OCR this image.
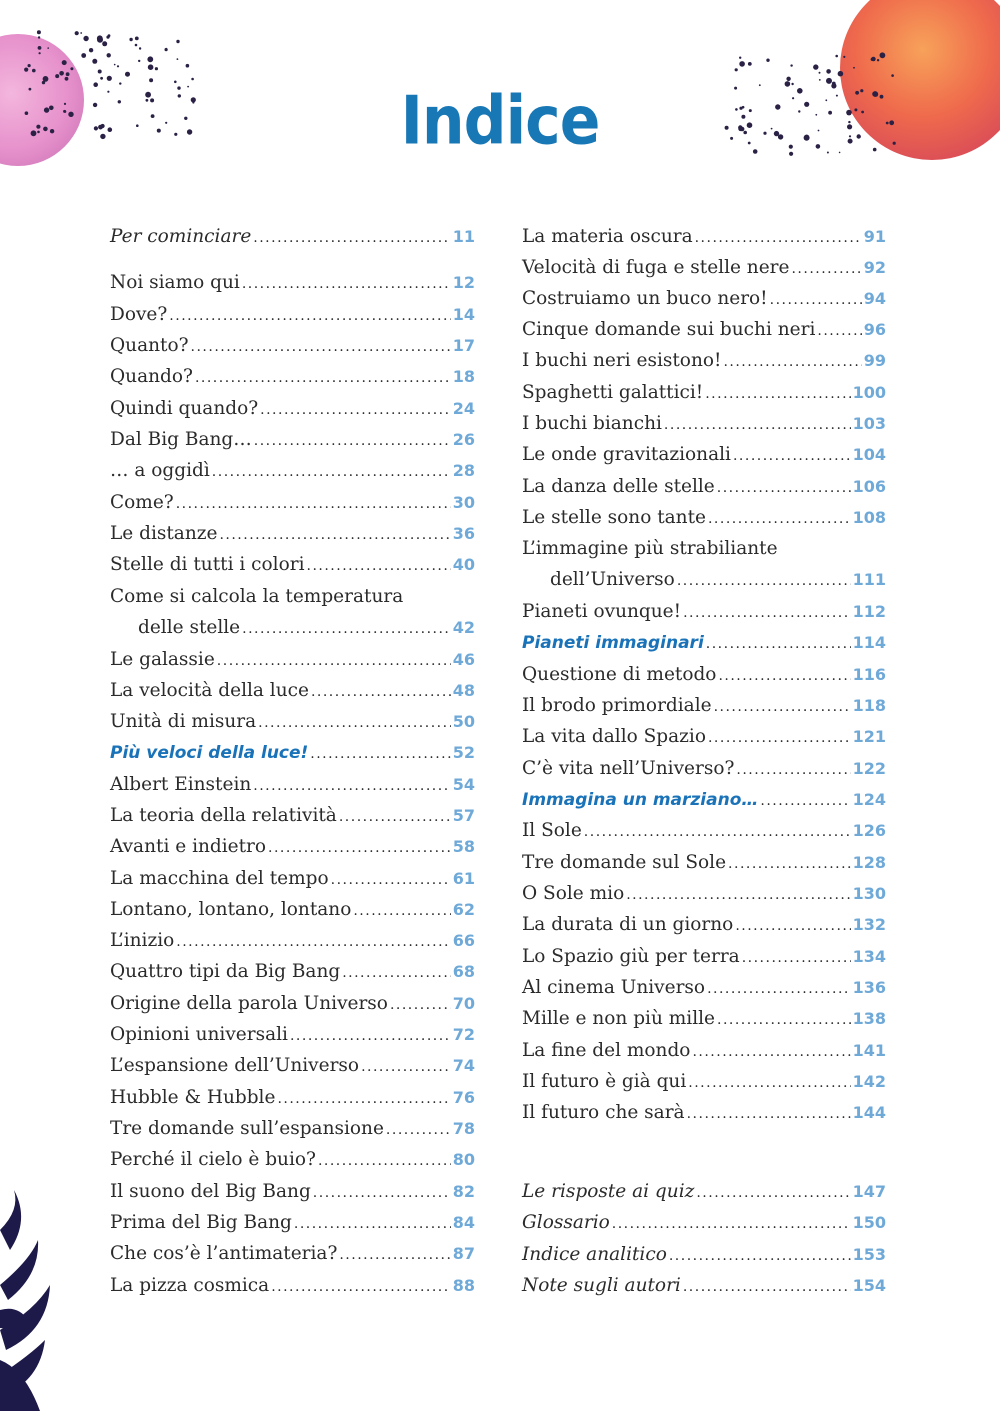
Indice
Per cominciare .....	11
Noi siamo qui .....	12
Dove? .....	14
Quanto? .....	17
Quando? .....	18
Quindi quando? .....	24
Dal Big Bang… .....	26
… a oggidì .....	28
Come? .....	30
Le distanze .....	36
Stelle di tutti i colori .....	40
Come si calcola la temperatura
delle stelle .....	42
Le galassie .....	46
La velocità della luce .....	48
Unità di misura .....	50
Più veloci della luce! .....	52
Albert Einstein .....	54
La teoria della relatività .....	57
Avanti e indietro .....	58
La macchina del tempo .....	61
Lontano, lontano, lontano .....	62
L’inizio .....	66
Quattro tipi da Big Bang .....	68
Origine della parola Universo .....	70
Opinioni universali .....	72
L’espansione dell’Universo .....	74
Hubble & Hubble .....	76
Tre domande sull’espansione .....	78
Perché il cielo è buio? .....	80
Il suono del Big Bang .....	82
Prima del Big Bang .....	84
Che cos’è l’antimateria? .....	87
La pizza cosmica .....	88
La materia oscura .....	91
Velocità di fuga e stelle nere .....	92
Costruiamo un buco nero! .....	94
Cinque domande sui buchi neri .....	96
I buchi neri esistono! .....	99
Spaghetti galattici! .....	100
I buchi bianchi .....	103
Le onde gravitazionali .....	104
La danza delle stelle .....	106
Le stelle sono tante .....	108
L’immagine più strabiliante
dell’Universo .....	111
Pianeti ovunque! .....	112
Pianeti immaginari .....	114
Questione di metodo .....	116
Il brodo primordiale .....	118
La vita dallo Spazio .....	121
C’è vita nell’Universo? .....	122
Immagina un marziano… .....	124
Il Sole .....	126
Tre domande sul Sole .....	128
O Sole mio .....	130
La durata di un giorno .....	132
Lo Spazio giù per terra .....	134
Al cinema Universo .....	136
Mille e non più mille .....	138
La fine del mondo .....	141
Il futuro è già qui .....	142
Il futuro che sarà .....	144
Le risposte ai quiz .....	147
Glossario .....	150
Indice analitico .....	153
Note sugli autori .....	154
